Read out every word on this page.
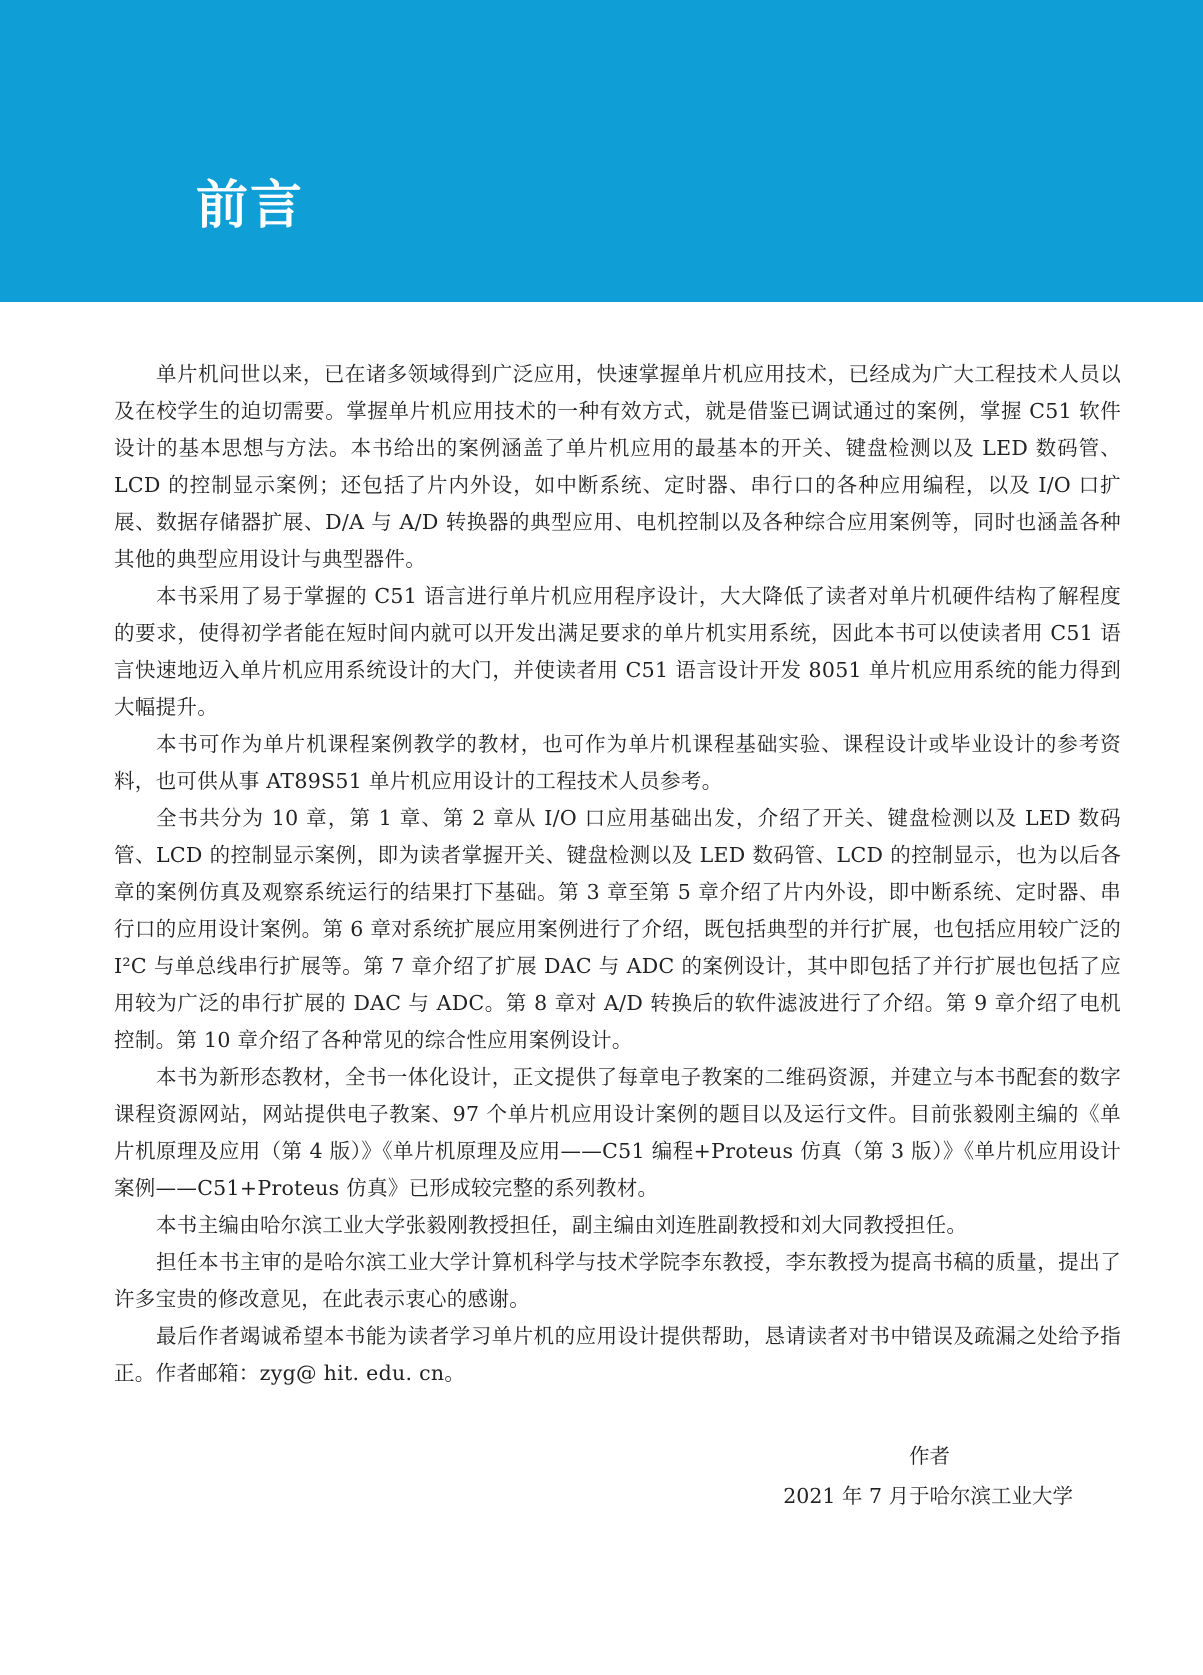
前言

单片机问世以来，已在诸多领域得到广泛应用，快速掌握单片机应用技术，已经成为广大工程技术人员以及在校学生的迫切需要。掌握单片机应用技术的一种有效方式，就是借鉴已调试通过的案例，掌握 C51 软件设计的基本思想与方法。本书给出的案例涵盖了单片机应用的最基本的开关、键盘检测以及 LED 数码管、LCD 的控制显示案例；还包括了片内外设，如中断系统、定时器、串行口的各种应用编程，以及 I/O 口扩展、数据存储器扩展、D/A 与 A/D 转换器的典型应用、电机控制以及各种综合应用案例等，同时也涵盖各种其他的典型应用设计与典型器件。

本书采用了易于掌握的 C51 语言进行单片机应用程序设计，大大降低了读者对单片机硬件结构了解程度的要求，使得初学者能在短时间内就可以开发出满足要求的单片机实用系统，因此本书可以使读者用 C51 语言快速地迈入单片机应用系统设计的大门，并使读者用 C51 语言设计开发 8051 单片机应用系统的能力得到大幅提升。

本书可作为单片机课程案例教学的教材，也可作为单片机课程基础实验、课程设计或毕业设计的参考资料，也可供从事 AT89S51 单片机应用设计的工程技术人员参考。

全书共分为 10 章，第 1 章、第 2 章从 I/O 口应用基础出发，介绍了开关、键盘检测以及 LED 数码管、LCD 的控制显示案例，即为读者掌握开关、键盘检测以及 LED 数码管、LCD 的控制显示，也为以后各章的案例仿真及观察系统运行的结果打下基础。第 3 章至第 5 章介绍了片内外设，即中断系统、定时器、串行口的应用设计案例。第 6 章对系统扩展应用案例进行了介绍，既包括典型的并行扩展，也包括应用较广泛的 I²C 与单总线串行扩展等。第 7 章介绍了扩展 DAC 与 ADC 的案例设计，其中即包括了并行扩展也包括了应用较为广泛的串行扩展的 DAC 与 ADC。第 8 章对 A/D 转换后的软件滤波进行了介绍。第 9 章介绍了电机控制。第 10 章介绍了各种常见的综合性应用案例设计。

本书为新形态教材，全书一体化设计，正文提供了每章电子教案的二维码资源，并建立与本书配套的数字课程资源网站，网站提供电子教案、97 个单片机应用设计案例的题目以及运行文件。目前张毅刚主编的《单片机原理及应用（第 4 版）》《单片机原理及应用——C51 编程+Proteus 仿真（第 3 版）》《单片机应用设计案例——C51+Proteus 仿真》已形成较完整的系列教材。

本书主编由哈尔滨工业大学张毅刚教授担任，副主编由刘连胜副教授和刘大同教授担任。

担任本书主审的是哈尔滨工业大学计算机科学与技术学院李东教授，李东教授为提高书稿的质量，提出了许多宝贵的修改意见，在此表示衷心的感谢。

最后作者竭诚希望本书能为读者学习单片机的应用设计提供帮助，恳请读者对书中错误及疏漏之处给予指正。作者邮箱：zyg@ hit. edu. cn。

作者
2021 年 7 月于哈尔滨工业大学
